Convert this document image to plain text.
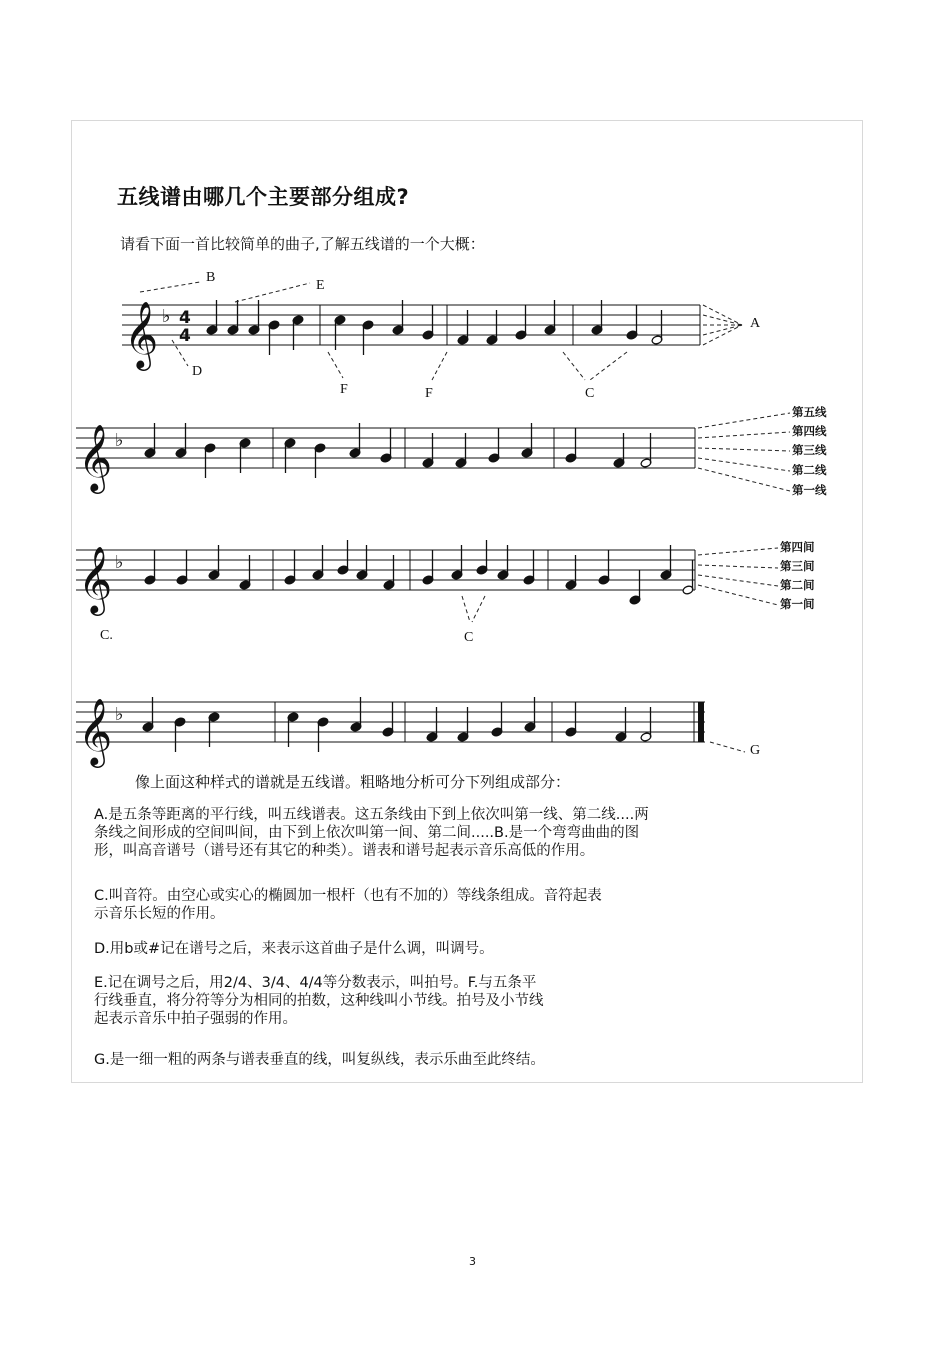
五线谱由哪几个主要部分组成?

请看下面一首比较简单的曲子,了解五线谱的一个大概：

𝄞
𝄞
𝄞
𝄞
♭
♭
♭
♭
4
4
B
E
A
D
F	F	C
C.	C
G
第五线
第四线
第三线
第二线
第一线
第四间
第三间
第二间
第一间

像上面这种样式的谱就是五线谱。粗略地分析可分下列组成部分：

A.是五条等距离的平行线，叫五线谱表。这五条线由下到上依次叫第一线、第二线....两
条线之间形成的空间叫间，由下到上依次叫第一间、第二间.....B.是一个弯弯曲曲的图
形，叫高音谱号（谱号还有其它的种类）。谱表和谱号起表示音乐高低的作用。

C.叫音符。由空心或实心的椭圆加一根杆（也有不加的）等线条组成。音符起表
示音乐长短的作用。

D.用b或#记在谱号之后，来表示这首曲子是什么调，叫调号。

E.记在调号之后，用2/4、3/4、4/4等分数表示，叫拍号。F.与五条平
行线垂直，将分符等分为相同的拍数，这种线叫小节线。拍号及小节线
起表示音乐中拍子强弱的作用。

G.是一细一粗的两条与谱表垂直的线，叫复纵线，表示乐曲至此终结。

3
